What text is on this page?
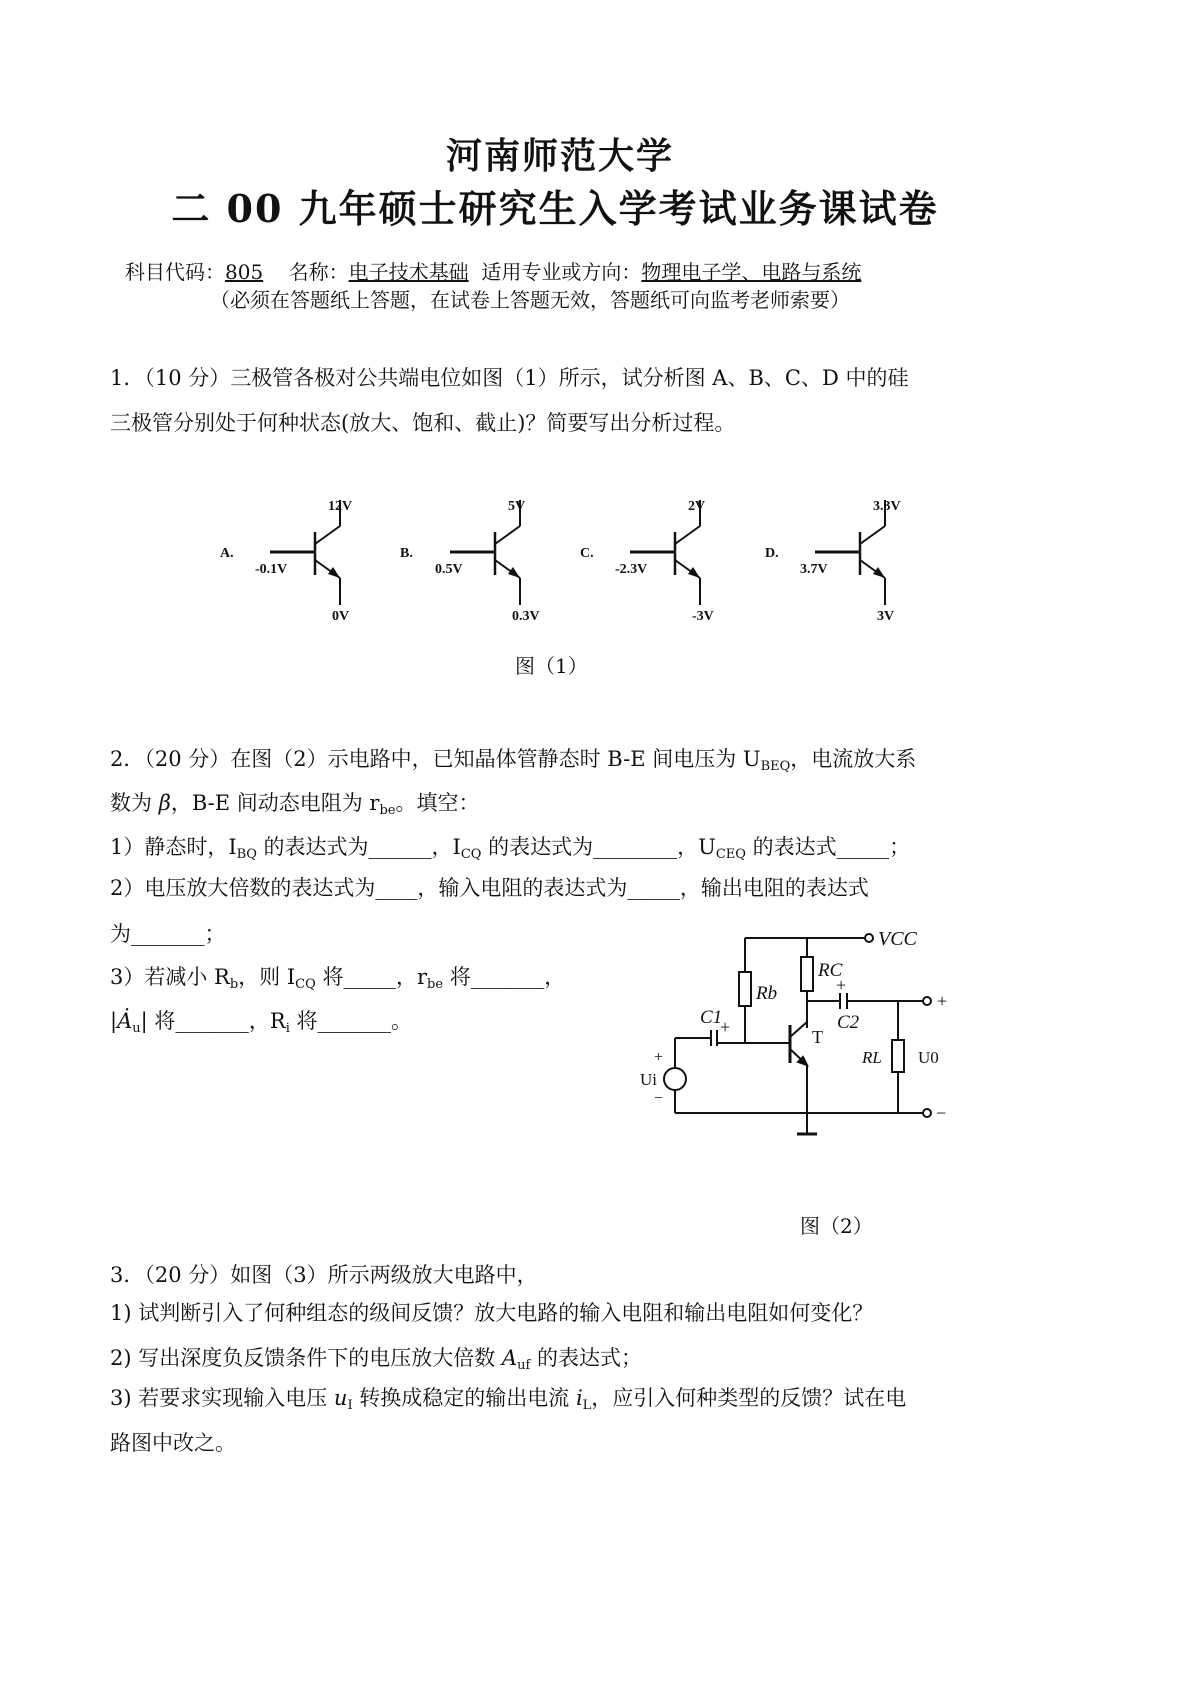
河南师范大学
二 00 九年硕士研究生入学考试业务课试卷
科目代码：805 名称：电子技术基础 适用专业或方向：物理电子学、电路与系统
（必须在答题纸上答题，在试卷上答题无效，答题纸可向监考老师索要）
1．（10 分）三极管各极对公共端电位如图（1）所示，试分析图 A、B、C、D 中的硅
三极管分别处于何种状态(放大、饱和、截止)？简要写出分析过程。
A.
12V
-0.1V
0V
B.
5V
0.5V
0.3V
C.
2V
-2.3V
-3V
D.
3.3V
3.7V
3V
图（1）
2．（20 分）在图（2）示电路中，已知晶体管静态时 B-E 间电压为 $U_{BEQ}$，电流放大系
数为 β，B-E 间动态电阻为 $r_{be}$。填空：
1）静态时，$I_{BQ}$ 的表达式为______，$I_{CQ}$ 的表达式为________，$U_{CEQ}$ 的表达式_____；
2）电压放大倍数的表达式为____，输入电阻的表达式为_____，输出电阻的表达式
为_______；
3）若减小 $R_b$，则 $I_{CQ}$ 将_____，$r_{be}$ 将_______，
$|Ȧ_u|$ 将_______，$R_i$ 将_______。
VCC
Rb
RC
T
+
C2
+
RL U0
C1
+
+
Ui
−
−
图（2）
3．（20 分）如图（3）所示两级放大电路中，
1) 试判断引入了何种组态的级间反馈？放大电路的输入电阻和输出电阻如何变化？
2) 写出深度负反馈条件下的电压放大倍数 $A_{uf}$ 的表达式；
3) 若要求实现输入电压 $u_I$ 转换成稳定的输出电流 $i_L$，应引入何种类型的反馈？试在电
路图中改之。
